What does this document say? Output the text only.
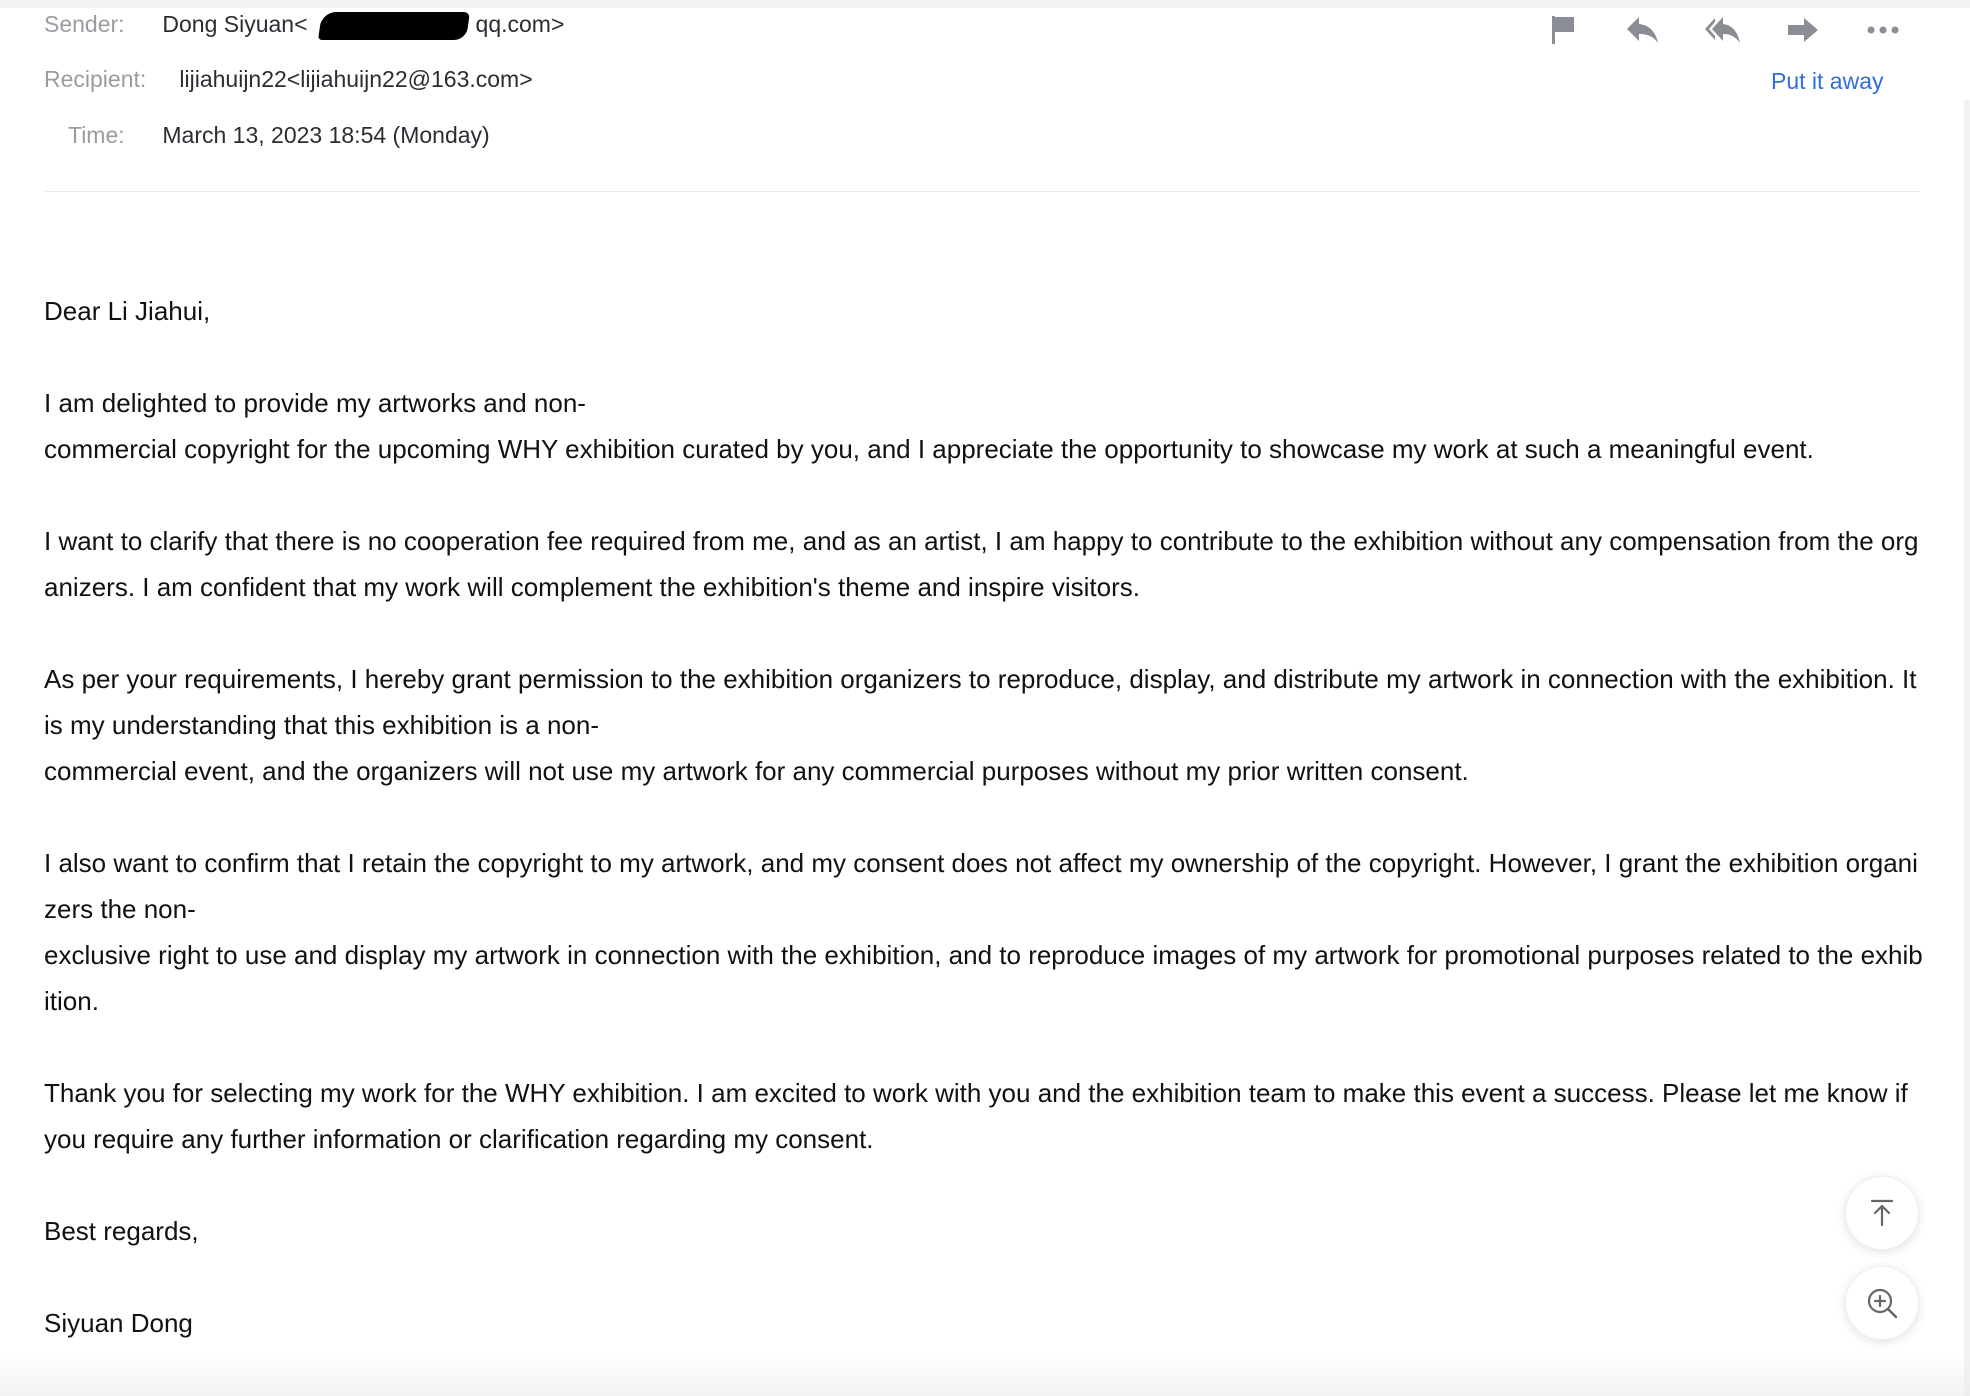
Sender: Dong Siyuan<	qq.com>
Recipient: lijiahuijn22<lijiahuijn22@163.com>
Time: March 13, 2023 18:54 (Monday)
Put it away

Dear Li Jiahui,

I am delighted to provide my artworks and non-
commercial copyright for the upcoming WHY exhibition curated by you, and I appreciate the opportunity to showcase my work at such a meaningful event.

I want to clarify that there is no cooperation fee required from me, and as an artist, I am happy to contribute to the exhibition without any compensation from the organizers. I am confident that my work will complement the exhibition's theme and inspire visitors.

As per your requirements, I hereby grant permission to the exhibition organizers to reproduce, display, and distribute my artwork in connection with the exhibition. It is my understanding that this exhibition is a non-
commercial event, and the organizers will not use my artwork for any commercial purposes without my prior written consent.

I also want to confirm that I retain the copyright to my artwork, and my consent does not affect my ownership of the copyright. However, I grant the exhibition organizers the non-
exclusive right to use and display my artwork in connection with the exhibition, and to reproduce images of my artwork for promotional purposes related to the exhibition.

Thank you for selecting my work for the WHY exhibition. I am excited to work with you and the exhibition team to make this event a success. Please let me know if you require any further information or clarification regarding my consent.

Best regards,

Siyuan Dong
